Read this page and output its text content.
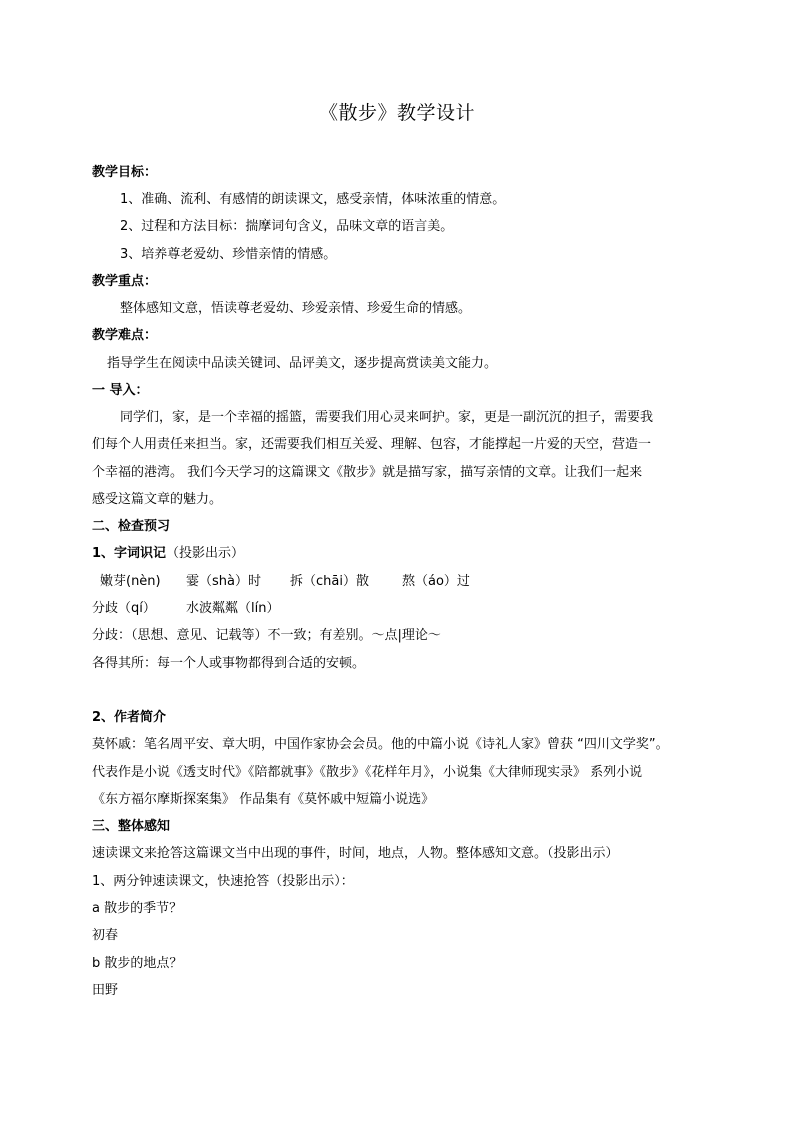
《散步》教学设计
教学目标：
1、准确、流利、有感情的朗读课文，感受亲情，体味浓重的情意。
2、过程和方法目标：揣摩词句含义，品味文章的语言美。
3、培养尊老爱幼、珍惜亲情的情感。
教学重点：
整体感知文意，悟读尊老爱幼、珍爱亲情、珍爱生命的情感。
教学难点：
指导学生在阅读中品读关键词、品评美文，逐步提高赏读美文能力。
一 导入：
同学们，家，是一个幸福的摇篮，需要我们用心灵来呵护。家，更是一副沉沉的担子，需要我
们每个人用责任来担当。家，还需要我们相互关爱、理解、包容，才能撑起一片爱的天空，营造一
个幸福的港湾。 我们今天学习的这篇课文《散步》就是描写家，描写亲情的文章。让我们一起来
感受这篇文章的魅力。
二、检查预习
1、字词识记（投影出示）
嫩芽(nèn) 霎（shà）时 拆（chāi）散	熬（áo）过
分歧（qí） 水波粼粼（lín）
分歧：（思想、意见、记载等）不一致；有差别。～点|理论～
各得其所：每一个人或事物都得到合适的安顿。
2、作者简介
莫怀戚：笔名周平安、章大明，中国作家协会会员。他的中篇小说《诗礼人家》曾获 “四川文学奖”。
代表作是小说《透支时代》《陪都就事》《散步》《花样年月》，小说集《大律师现实录》 系列小说
《东方福尔摩斯探案集》 作品集有《莫怀戚中短篇小说选》
三、整体感知
速读课文来抢答这篇课文当中出现的事件，时间，地点，人物。整体感知文意。（投影出示）
1、两分钟速读课文，快速抢答（投影出示）：
a 散步的季节？
初春
b 散步的地点？
田野
